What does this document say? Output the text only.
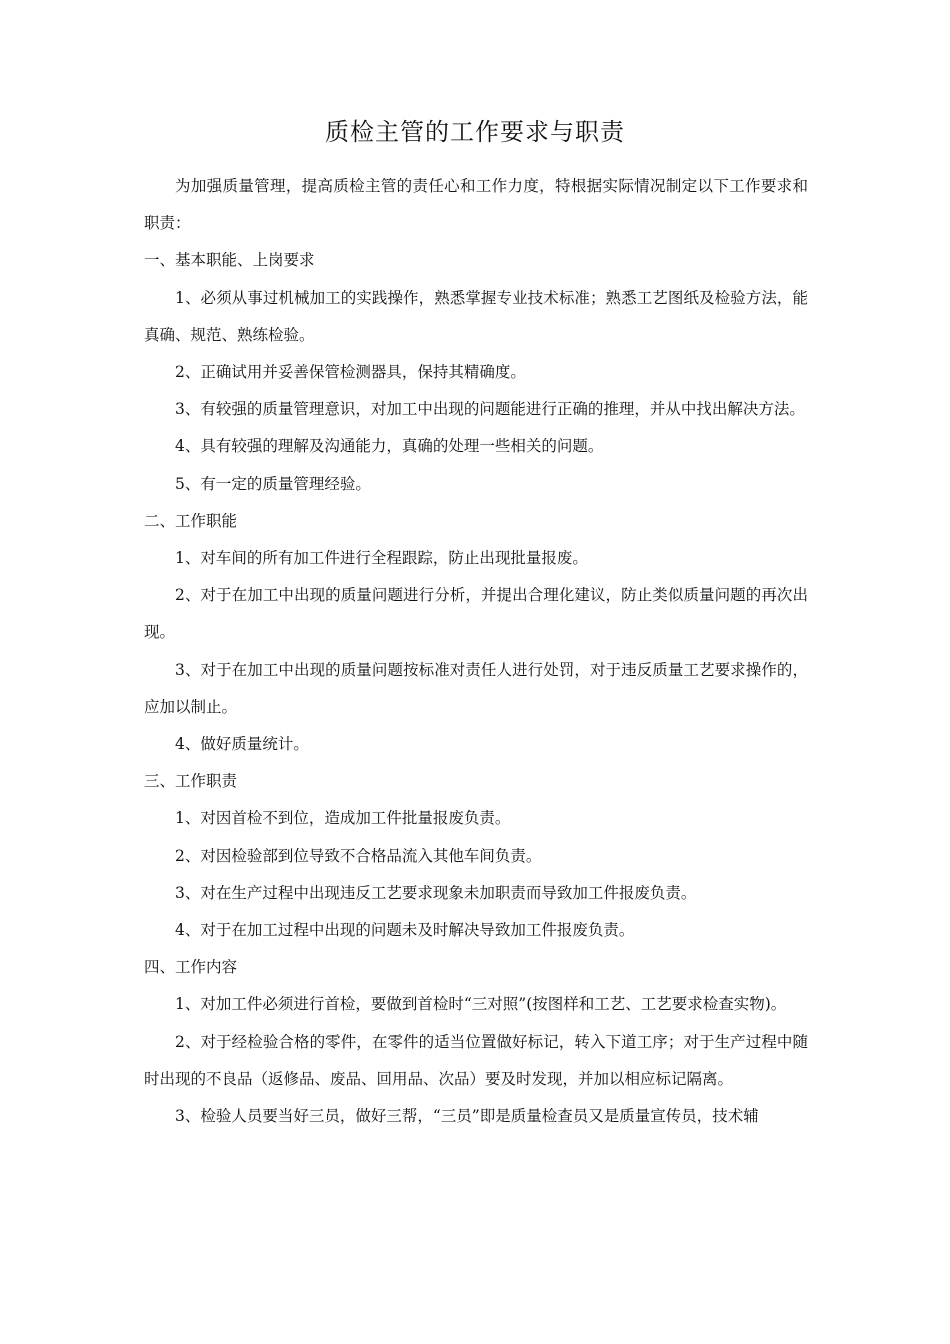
质检主管的工作要求与职责

为加强质量管理，提高质检主管的责任心和工作力度，特根据实际情况制定以下工作要求和职责：

一、基本职能、上岗要求

1、必须从事过机械加工的实践操作，熟悉掌握专业技术标准；熟悉工艺图纸及检验方法，能真确、规范、熟练检验。

2、正确试用并妥善保管检测器具，保持其精确度。

3、有较强的质量管理意识，对加工中出现的问题能进行正确的推理，并从中找出解决方法。

4、具有较强的理解及沟通能力，真确的处理一些相关的问题。

5、有一定的质量管理经验。

二、工作职能

1、对车间的所有加工件进行全程跟踪，防止出现批量报废。

2、对于在加工中出现的质量问题进行分析，并提出合理化建议，防止类似质量问题的再次出现。

3、对于在加工中出现的质量问题按标准对责任人进行处罚，对于违反质量工艺要求操作的，应加以制止。

4、做好质量统计。

三、工作职责

1、对因首检不到位，造成加工件批量报废负责。

2、对因检验部到位导致不合格品流入其他车间负责。

3、对在生产过程中出现违反工艺要求现象未加职责而导致加工件报废负责。

4、对于在加工过程中出现的问题未及时解决导致加工件报废负责。

四、工作内容

1、对加工件必须进行首检，要做到首检时“三对照”(按图样和工艺、工艺要求检查实物)。

2、对于经检验合格的零件，在零件的适当位置做好标记，转入下道工序；对于生产过程中随时出现的不良品（返修品、废品、回用品、次品）要及时发现，并加以相应标记隔离。

3、检验人员要当好三员，做好三帮，“三员”即是质量检查员又是质量宣传员，技术辅
